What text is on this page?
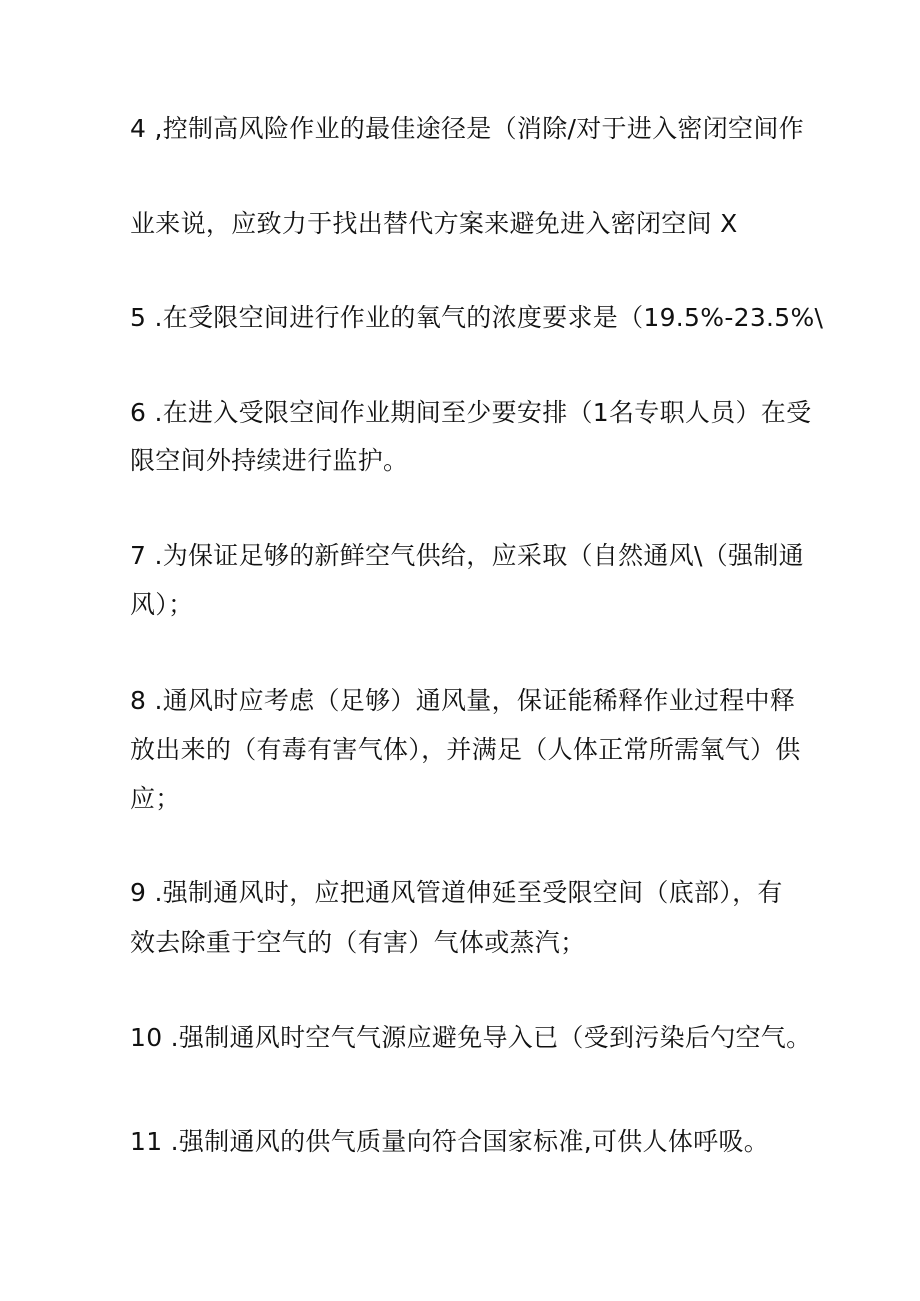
4 ,控制高风险作业的最佳途径是（消除/对于进入密闭空间作

业来说，应致力于找出替代方案来避免进入密闭空间 X

5 .在受限空间进行作业的氧气的浓度要求是（19.5%-23.5%\

6 .在进入受限空间作业期间至少要安排（1名专职人员）在受

限空间外持续进行监护。

7 .为保证足够的新鲜空气供给，应采取（自然通风\（强制通

风）；

8 .通风时应考虑（足够）通风量，保证能稀释作业过程中释

放出来的（有毒有害气体），并满足（人体正常所需氧气）供

应；

9 .强制通风时，应把通风管道伸延至受限空间（底部），有

效去除重于空气的（有害）气体或蒸汽；

10 .强制通风时空气气源应避免导入已（受到污染后勺空气。

11 .强制通风的供气质量向符合国家标准,可供人体呼吸。
